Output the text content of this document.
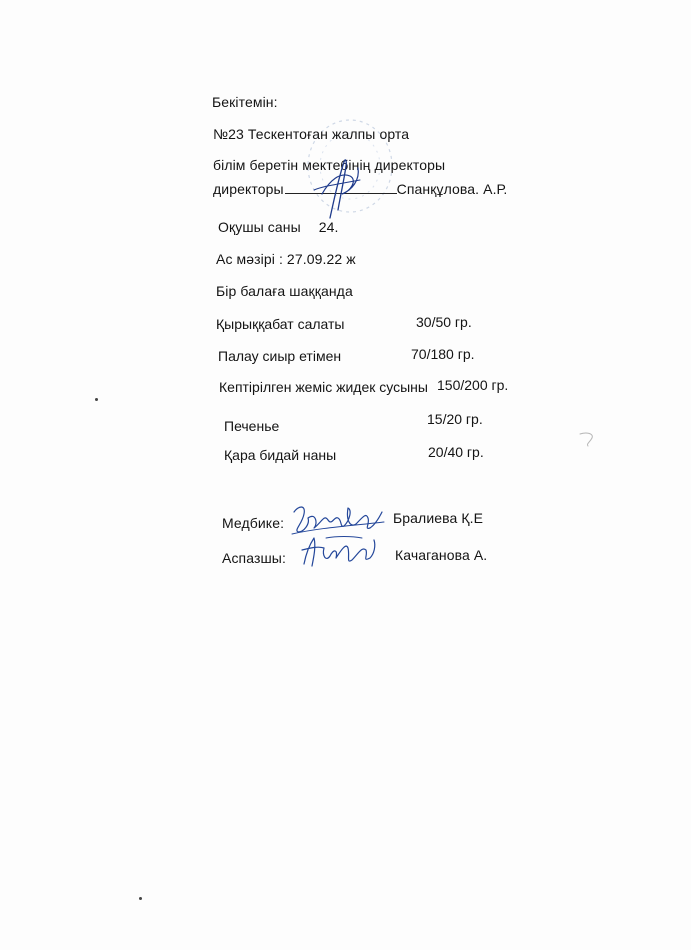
Бекітемін:
№23 Тескентоған жалпы орта
білім беретін мектебінің директоры
директоры	Спанқұлова. А.Р.
Оқушы саны 24.
Ас мәзірі : 27.09.22 ж
Бір балаға шаққанда
Қырыққабат салаты	30/50 гр.
Палау сиыр етімен	70/180 гр.
Кептірілген жеміс жидек сусыны 150/200 гр.
Печенье	15/20 гр.
Қара бидай наны	20/40 гр.
Медбике:	Бралиева Қ.Е
Аспазшы:	Качаганова А.
